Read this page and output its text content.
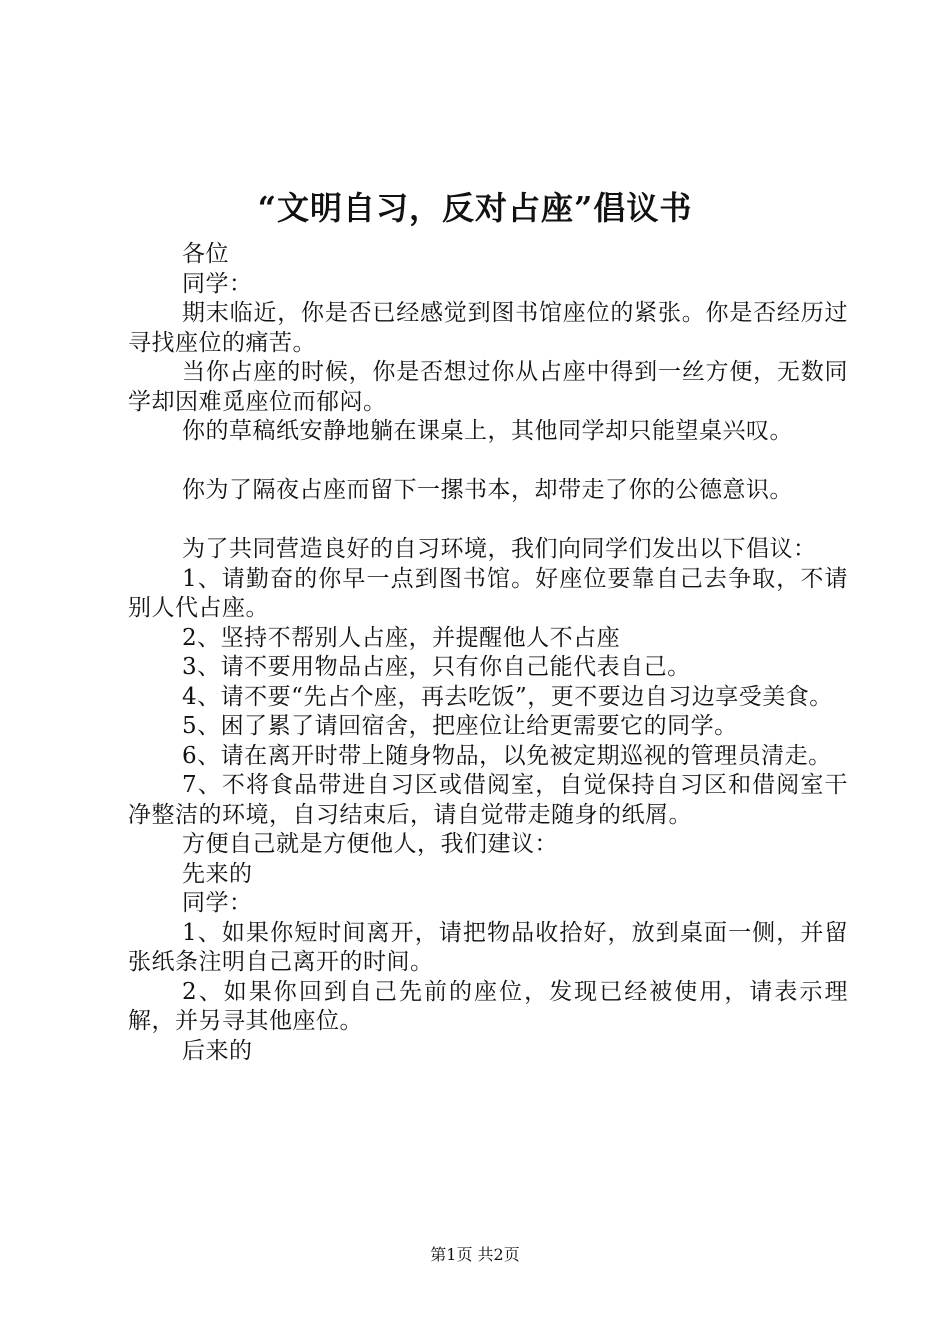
“文明自习，反对占座”倡议书

各位

同学：

期末临近，你是否已经感觉到图书馆座位的紧张。你是否经历过寻找座位的痛苦。

当你占座的时候，你是否想过你从占座中得到一丝方便，无数同学却因难觅座位而郁闷。

你的草稿纸安静地躺在课桌上，其他同学却只能望桌兴叹。

你为了隔夜占座而留下一摞书本，却带走了你的公德意识。

为了共同营造良好的自习环境，我们向同学们发出以下倡议：

1、请勤奋的你早一点到图书馆。好座位要靠自己去争取，不请别人代占座。

2、坚持不帮别人占座，并提醒他人不占座

3、请不要用物品占座，只有你自己能代表自己。

4、请不要“先占个座，再去吃饭”，更不要边自习边享受美食。

5、困了累了请回宿舍，把座位让给更需要它的同学。

6、请在离开时带上随身物品，以免被定期巡视的管理员清走。

7、不将食品带进自习区或借阅室，自觉保持自习区和借阅室干净整洁的环境，自习结束后，请自觉带走随身的纸屑。

方便自己就是方便他人，我们建议：

先来的

同学：

1、如果你短时间离开，请把物品收拾好，放到桌面一侧，并留张纸条注明自己离开的时间。

2、如果你回到自己先前的座位，发现已经被使用，请表示理解，并另寻其他座位。

后来的

第1页 共2页
